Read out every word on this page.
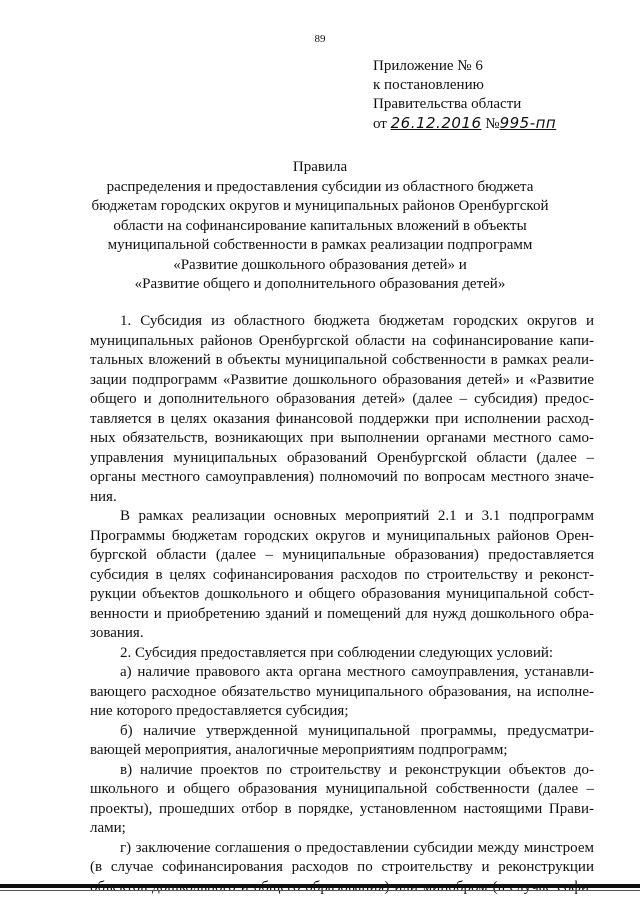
89
Приложение № 6
к постановлению
Правительства области
от 26.12.2016 №995-пп
Правила
распределения и предоставления субсидии из областного бюджета
бюджетам городских округов и муниципальных районов Оренбургской
области на софинансирование капитальных вложений в объекты
муниципальной собственности в рамках реализации подпрограмм
«Развитие дошкольного образования детей» и
«Развитие общего и дополнительного образования детей»
1. Субсидия из областного бюджета бюджетам городских округов и
муниципальных районов Оренбургской области на софинансирование капи-
тальных вложений в объекты муниципальной собственности в рамках реали-
зации подпрограмм «Развитие дошкольного образования детей» и «Развитие
общего и дополнительного образования детей» (далее – субсидия) предос-
тавляется в целях оказания финансовой поддержки при исполнении расход-
ных обязательств, возникающих при выполнении органами местного само-
управления муниципальных образований Оренбургской области (далее –
органы местного самоуправления) полномочий по вопросам местного значе-
ния.
В рамках реализации основных мероприятий 2.1 и 3.1 подпрограмм
Программы бюджетам городских округов и муниципальных районов Орен-
бургской области (далее – муниципальные образования) предоставляется
субсидия в целях софинансирования расходов по строительству и реконст-
рукции объектов дошкольного и общего образования муниципальной собст-
венности и приобретению зданий и помещений для нужд дошкольного обра-
зования.
2. Субсидия предоставляется при соблюдении следующих условий:
а) наличие правового акта органа местного самоуправления, устанавли-
вающего расходное обязательство муниципального образования, на исполне-
ние которого предоставляется субсидия;
б) наличие утвержденной муниципальной программы, предусматри-
вающей мероприятия, аналогичные мероприятиям подпрограмм;
в) наличие проектов по строительству и реконструкции объектов до-
школьного и общего образования муниципальной собственности (далее –
проекты), прошедших отбор в порядке, установленном настоящими Прави-
лами;
г) заключение соглашения о предоставлении субсидии между минстроем
(в случае софинансирования расходов по строительству и реконструкции
